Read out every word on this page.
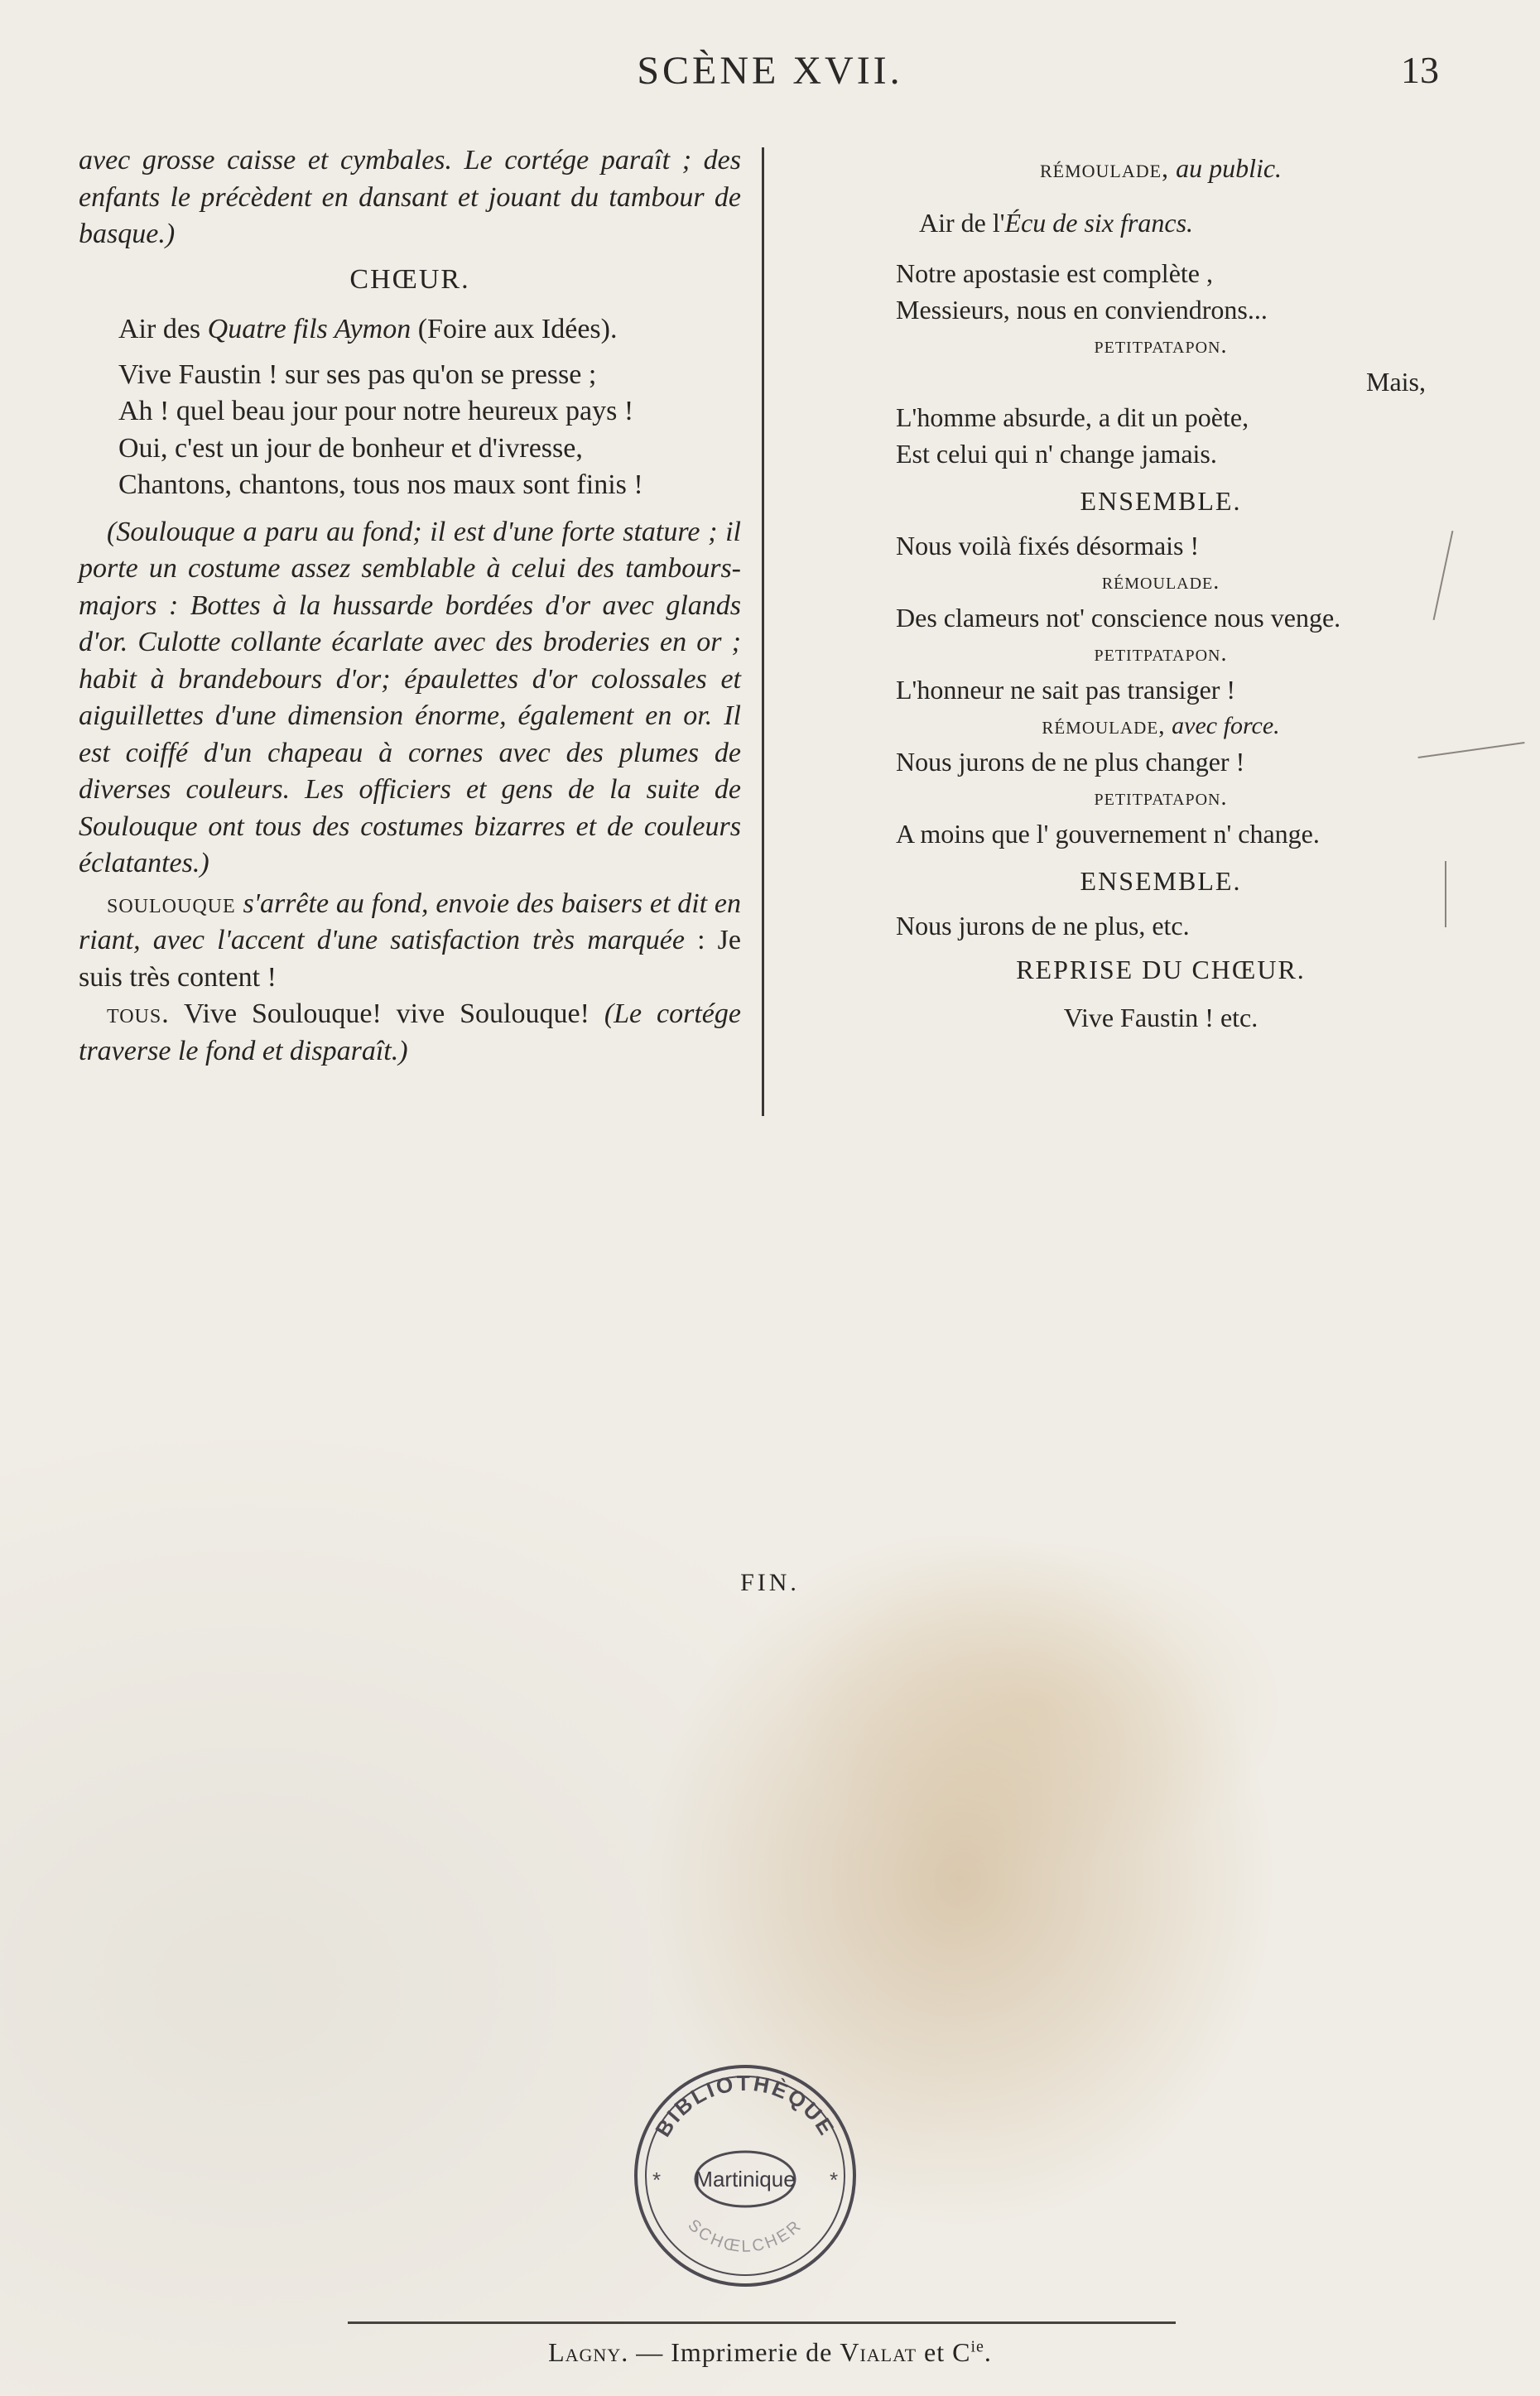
SCÈNE XVII.	13

avec grosse caisse et cymbales. Le cortége paraît ; des enfants le précèdent en dansant et jouant du tambour de basque.)

CHŒUR.

Air des Quatre fils Aymon (Foire aux Idées).

Vive Faustin ! sur ses pas qu'on se presse ;

Ah ! quel beau jour pour notre heureux pays !

Oui, c'est un jour de bonheur et d'ivresse,

Chantons, chantons, tous nos maux sont finis !

(Soulouque a paru au fond; il est d'une forte stature ; il porte un costume assez semblable à celui des tambours-majors : Bottes à la hussarde bordées d'or avec glands d'or. Culotte collante écarlate avec des broderies en or ; habit à brandebours d'or; épaulettes d'or colossales et aiguillettes d'une dimension énorme, également en or. Il est coiffé d'un chapeau à cornes avec des plumes de diverses couleurs. Les officiers et gens de la suite de Soulouque ont tous des costumes bizarres et de couleurs éclatantes.)

soulouque s'arrête au fond, envoie des baisers et dit en riant, avec l'accent d'une satisfaction très marquée : Je suis très content !

tous. Vive Soulouque! vive Soulouque! (Le cortége traverse le fond et disparaît.)

rémoulade, au public.

Air de l'Écu de six francs.

Notre apostasie est complète ,

Messieurs, nous en conviendrons...

petitpatapon.

Mais,

L'homme absurde, a dit un poète,

Est celui qui n' change jamais.

ENSEMBLE.

Nous voilà fixés désormais !

rémoulade.

Des clameurs not' conscience nous venge.

petitpatapon.

L'honneur ne sait pas transiger !

rémoulade, avec force.

Nous jurons de ne plus changer !

petitpatapon.

A moins que l' gouvernement n' change.

ENSEMBLE.

Nous jurons de ne plus, etc.

REPRISE DU CHŒUR.

Vive Faustin ! etc.

FIN.
BIBLIOTHÈQUE
Martinique
SCHŒLCHER
*	*
Lagny. — Imprimerie de Vialat et $C^{ie}$.
